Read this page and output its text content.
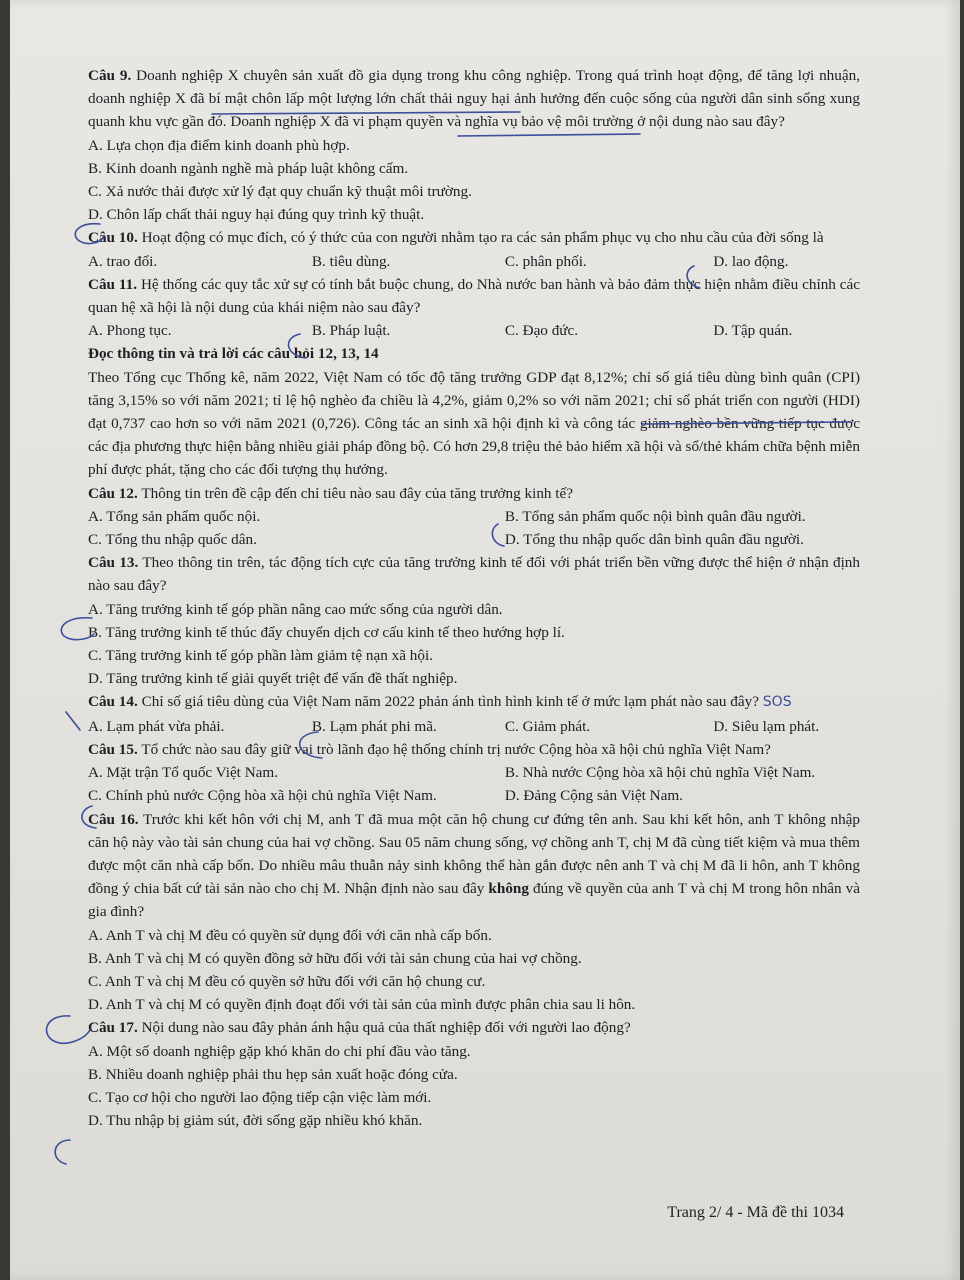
Câu 9. Doanh nghiệp X chuyên sản xuất đồ gia dụng trong khu công nghiệp. Trong quá trình hoạt động, để tăng lợi nhuận, doanh nghiệp X đã bí mật chôn lấp một lượng lớn chất thải nguy hại ảnh hưởng đến cuộc sống của người dân sinh sống xung quanh khu vực gần đó. Doanh nghiệp X đã vi phạm quyền và nghĩa vụ bảo vệ môi trường ở nội dung nào sau đây?

A. Lựa chọn địa điểm kinh doanh phù hợp.

B. Kinh doanh ngành nghề mà pháp luật không cấm.

C. Xả nước thải được xử lý đạt quy chuẩn kỹ thuật môi trường.

D. Chôn lấp chất thải nguy hại đúng quy trình kỹ thuật.

Câu 10. Hoạt động có mục đích, có ý thức của con người nhằm tạo ra các sản phẩm phục vụ cho nhu cầu của đời sống là

A. trao đổi.	B. tiêu dùng.	C. phân phối.	D. lao động.

Câu 11. Hệ thống các quy tắc xử sự có tính bắt buộc chung, do Nhà nước ban hành và bảo đảm thực hiện nhằm điều chỉnh các quan hệ xã hội là nội dung của khái niệm nào sau đây?

A. Phong tục.	B. Pháp luật.	C. Đạo đức.	D. Tập quán.

Đọc thông tin và trả lời các câu hỏi 12, 13, 14

Theo Tổng cục Thống kê, năm 2022, Việt Nam có tốc độ tăng trưởng GDP đạt 8,12%; chỉ số giá tiêu dùng bình quân (CPI) tăng 3,15% so với năm 2021; tỉ lệ hộ nghèo đa chiều là 4,2%, giảm 0,2% so với năm 2021; chỉ số phát triển con người (HDI) đạt 0,737 cao hơn so với năm 2021 (0,726). Công tác an sinh xã hội định kì và công tác giảm nghèo bền vững tiếp tục được các địa phương thực hiện bằng nhiều giải pháp đồng bộ. Có hơn 29,8 triệu thẻ bảo hiểm xã hội và sổ/thẻ khám chữa bệnh miễn phí được phát, tặng cho các đối tượng thụ hưởng.

Câu 12. Thông tin trên đề cập đến chỉ tiêu nào sau đây của tăng trưởng kinh tế?

A. Tổng sản phẩm quốc nội.	B. Tổng sản phẩm quốc nội bình quân đầu người.
C. Tổng thu nhập quốc dân.	D. Tổng thu nhập quốc dân bình quân đầu người.

Câu 13. Theo thông tin trên, tác động tích cực của tăng trưởng kinh tế đối với phát triển bền vững được thể hiện ở nhận định nào sau đây?

A. Tăng trưởng kinh tế góp phần nâng cao mức sống của người dân.

B. Tăng trưởng kinh tế thúc đẩy chuyển dịch cơ cấu kinh tế theo hướng hợp lí.

C. Tăng trưởng kinh tế góp phần làm giảm tệ nạn xã hội.

D. Tăng trưởng kinh tế giải quyết triệt để vấn đề thất nghiệp.

Câu 14. Chỉ số giá tiêu dùng của Việt Nam năm 2022 phản ánh tình hình kinh tế ở mức lạm phát nào sau đây? SOS

A. Lạm phát vừa phải.	B. Lạm phát phi mã.	C. Giảm phát.	D. Siêu lạm phát.

Câu 15. Tổ chức nào sau đây giữ vai trò lãnh đạo hệ thống chính trị nước Cộng hòa xã hội chủ nghĩa Việt Nam?

A. Mặt trận Tổ quốc Việt Nam.	B. Nhà nước Cộng hòa xã hội chủ nghĩa Việt Nam.
C. Chính phủ nước Cộng hòa xã hội chủ nghĩa Việt Nam.	D. Đảng Cộng sản Việt Nam.

Câu 16. Trước khi kết hôn với chị M, anh T đã mua một căn hộ chung cư đứng tên anh. Sau khi kết hôn, anh T không nhập căn hộ này vào tài sản chung của hai vợ chồng. Sau 05 năm chung sống, vợ chồng anh T, chị M đã cùng tiết kiệm và mua thêm được một căn nhà cấp bốn. Do nhiều mâu thuẫn nảy sinh không thể hàn gắn được nên anh T và chị M đã li hôn, anh T không đồng ý chia bất cứ tài sản nào cho chị M. Nhận định nào sau đây không đúng về quyền của anh T và chị M trong hôn nhân và gia đình?

A. Anh T và chị M đều có quyền sử dụng đối với căn nhà cấp bốn.

B. Anh T và chị M có quyền đồng sở hữu đối với tài sản chung của hai vợ chồng.

C. Anh T và chị M đều có quyền sở hữu đối với căn hộ chung cư.

D. Anh T và chị M có quyền định đoạt đối với tài sản của mình được phân chia sau li hôn.

Câu 17. Nội dung nào sau đây phản ánh hậu quả của thất nghiệp đối với người lao động?

A. Một số doanh nghiệp gặp khó khăn do chi phí đầu vào tăng.

B. Nhiều doanh nghiệp phải thu hẹp sản xuất hoặc đóng cửa.

C. Tạo cơ hội cho người lao động tiếp cận việc làm mới.

D. Thu nhập bị giảm sút, đời sống gặp nhiều khó khăn.

Trang 2/ 4 - Mã đề thi 1034
